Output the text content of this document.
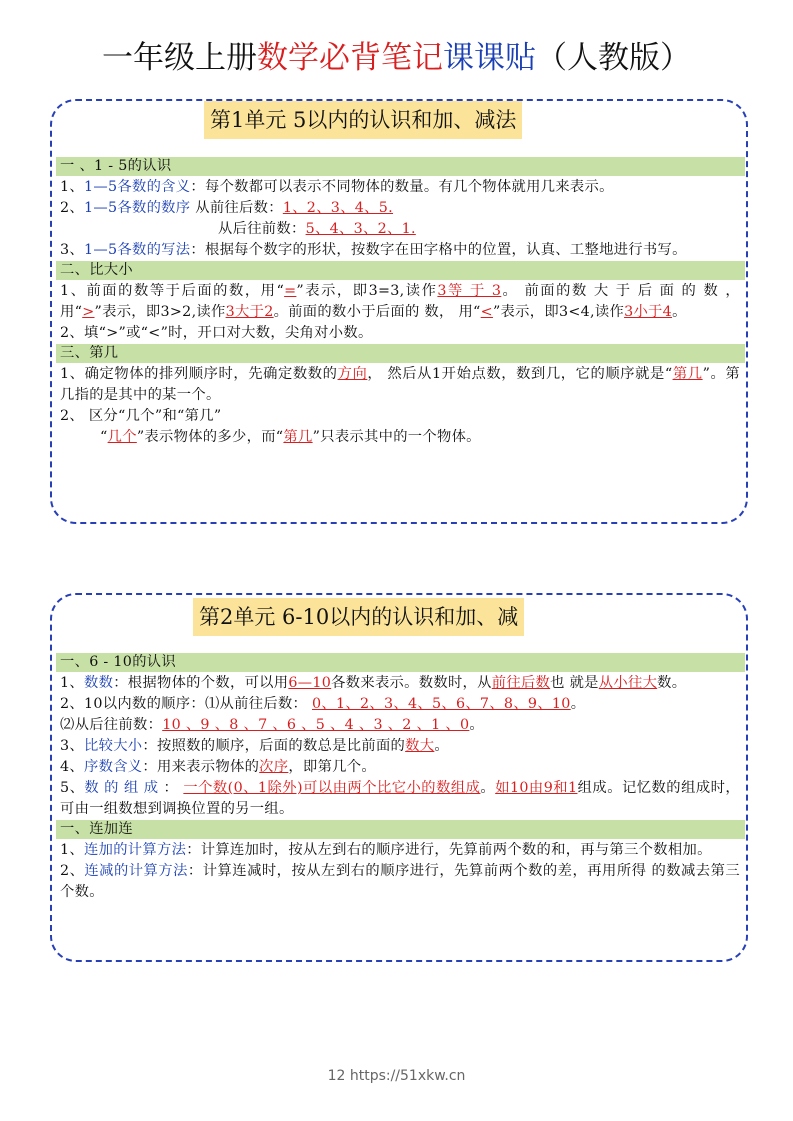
一年级上册数学必背笔记课课贴（人教版）
第1单元 5以内的认识和加、减法
一 、1 - 5的认识
1、1—5各数的含义：每个数都可以表示不同物体的数量。有几个物体就用几来表示。
2、1—5各数的数序 从前往后数：1、2、3、4、5.
从后往前数：5、4、3、2、1.
3、1—5各数的写法：根据每个数字的形状，按数字在田字格中的位置，认真、工整地进行书写。
二、比大小
1、前面的数等于后面的数，用“=”表示，即3=3,读作3等 于 3。 前面的数 大 于 后 面 的 数 ， 用“>”表示，即3>2,读作3大于2。前面的数小于后面的 数， 用“<”表示，即3<4,读作3小于4。
2、填“>”或“<”时，开口对大数，尖角对小数。
三、第几
1、确定物体的排列顺序时，先确定数数的方向， 然后从1开始点数，数到几，它的顺序就是“第几”。第几指的是其中的某一个。
2、 区分“几个”和“第几”
“几个”表示物体的多少，而“第几”只表示其中的一个物体。
第2单元 6-10以内的认识和加、减
一、6 - 10的认识
1、数数：根据物体的个数，可以用6—10各数来表示。数数时，从前往后数也 就是从小往大数。
2、10以内数的顺序：⑴从前往后数： 0、1、2、3、4、5、6、7、8、9、10。
⑵从后往前数：10 、9 、8 、7 、6 、5 、4 、3 、2 、1 、0。
3、比较大小：按照数的顺序，后面的数总是比前面的数大。
4、序数含义：用来表示物体的次序，即第几个。
5、数 的 组 成 ： 一个数(0、1除外)可以由两个比它小的数组成。如10由9和1组成。记忆数的组成时，可由一组数想到调换位置的另一组。
一、连加连
1、连加的计算方法：计算连加时，按从左到右的顺序进行，先算前两个数的和，再与第三个数相加。
2、连减的计算方法：计算连减时，按从左到右的顺序进行，先算前两个数的差，再用所得 的数减去第三个数。
12 https://51xkw.cn
